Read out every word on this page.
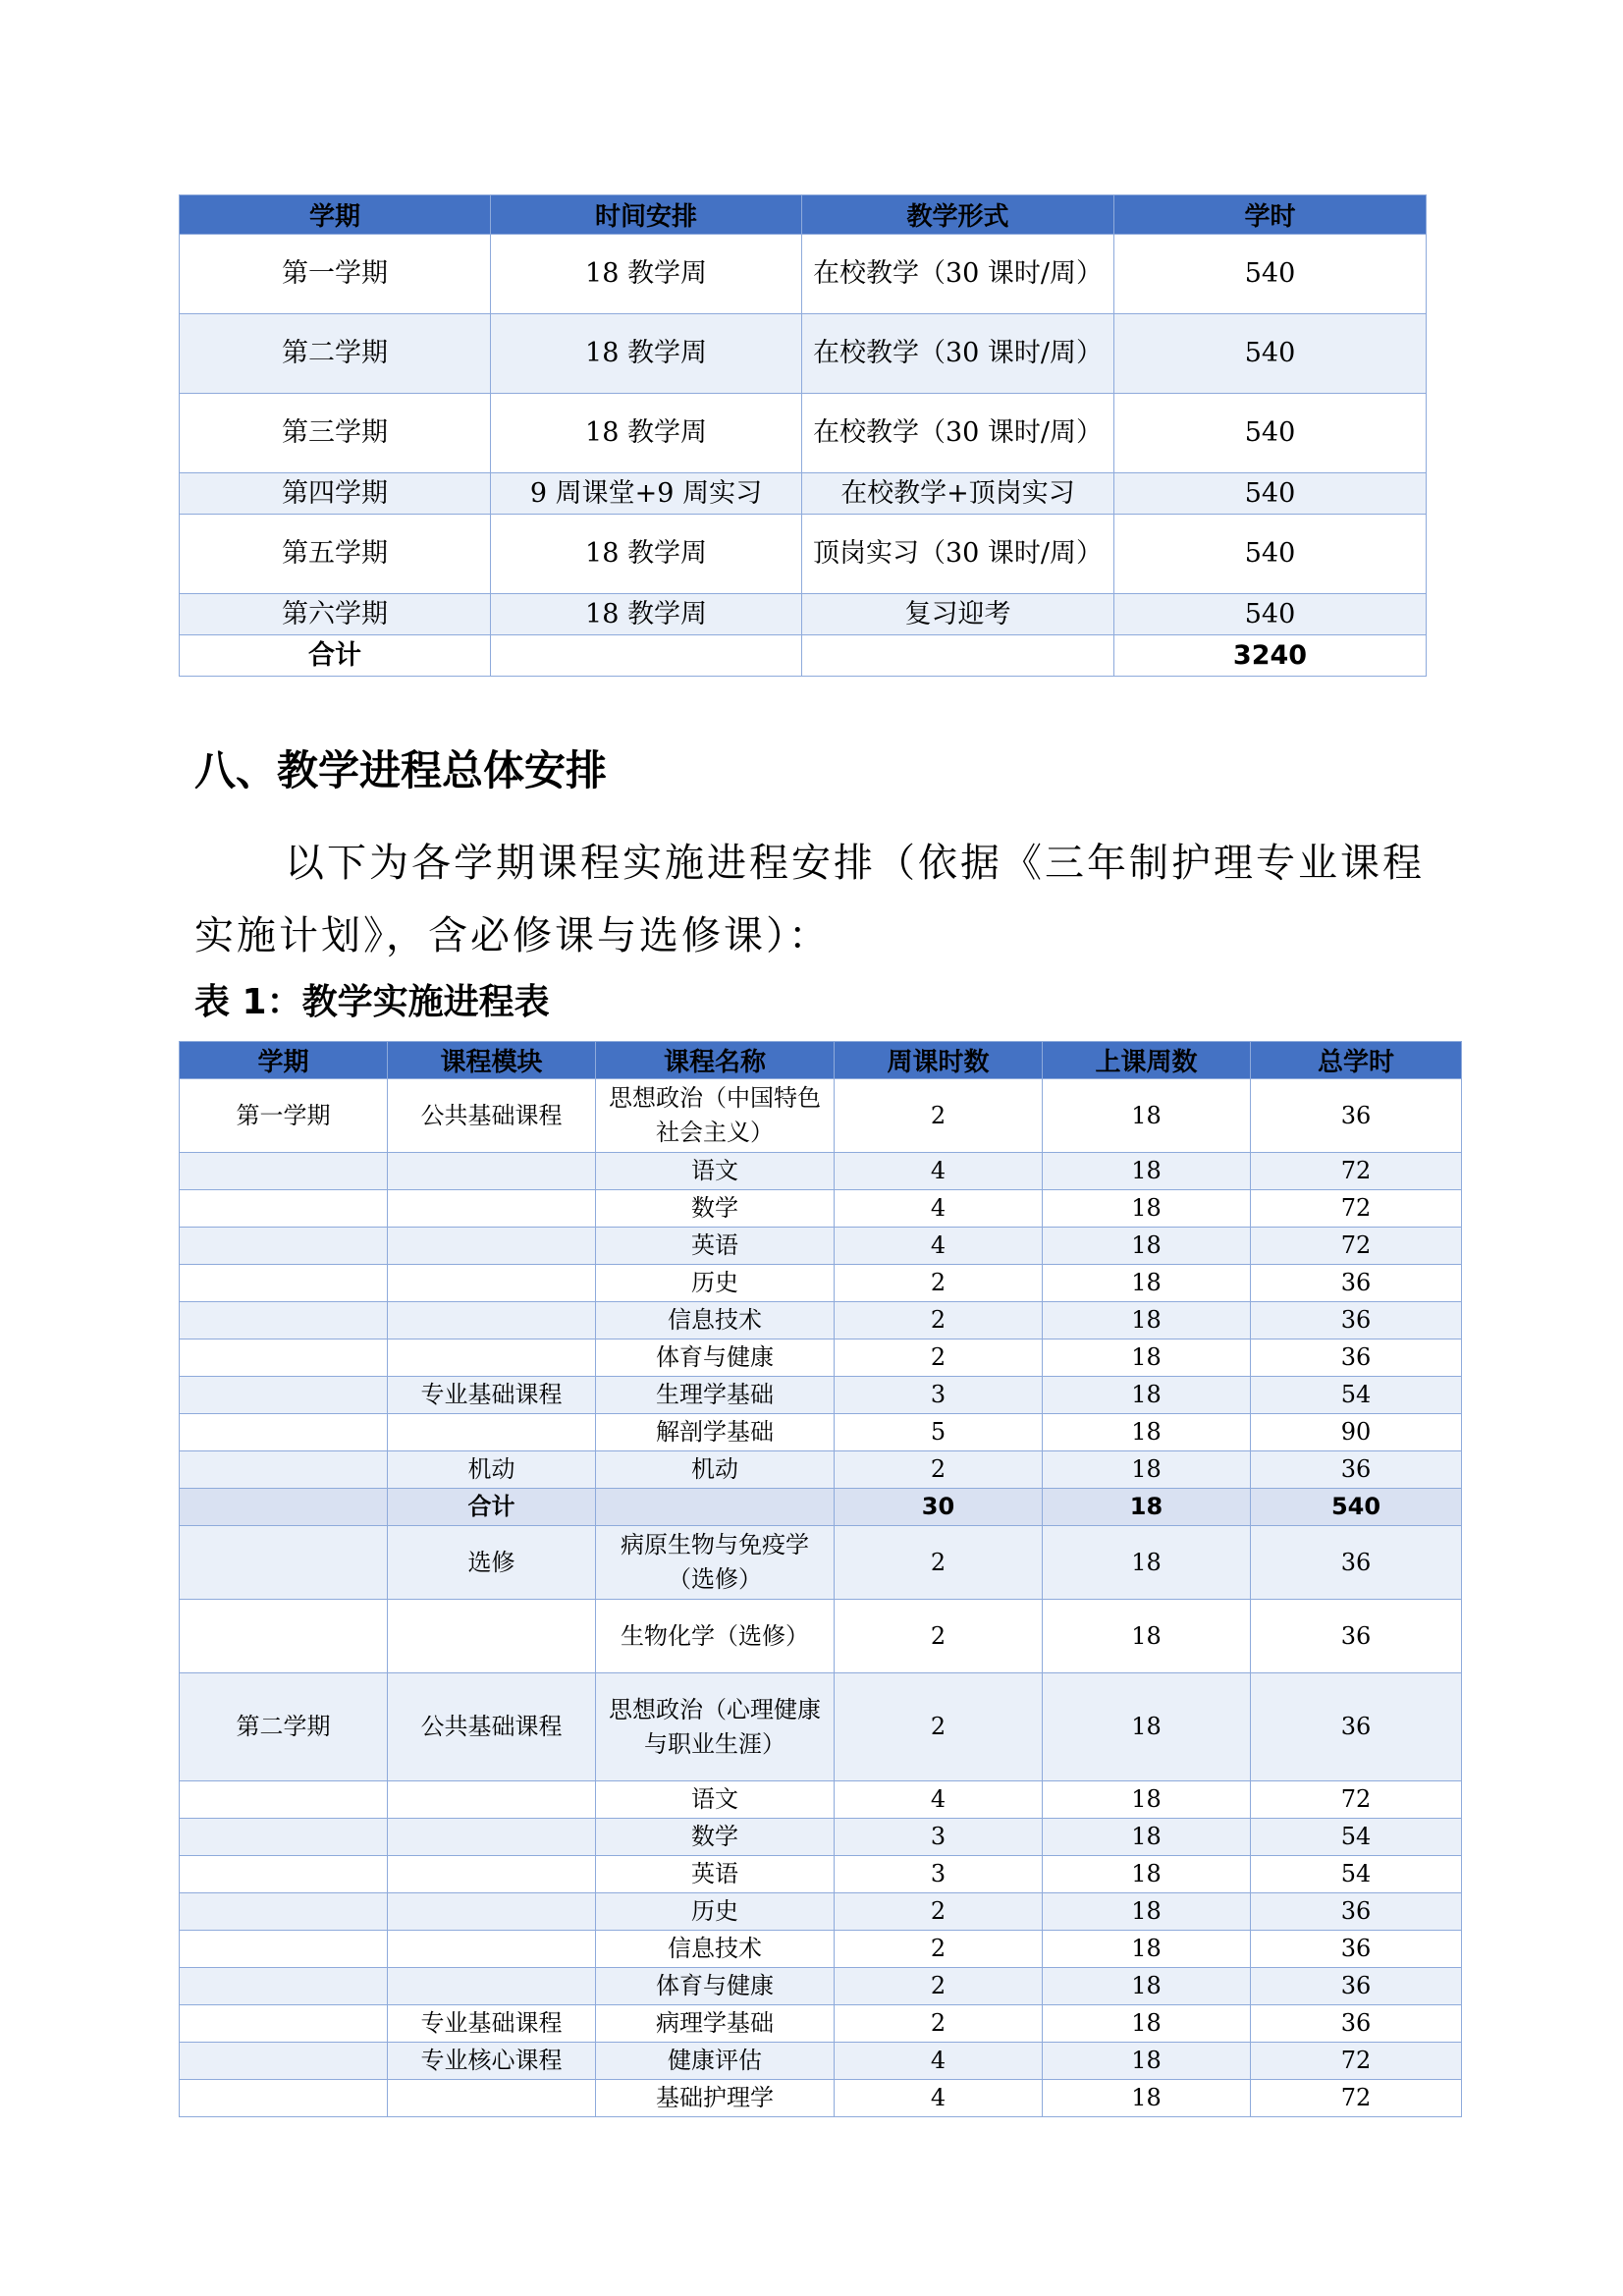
学期	时间安排	教学形式	学时
第一学期	18 教学周	在校教学（30 课时/周）	540
第二学期	18 教学周	在校教学（30 课时/周）	540
第三学期	18 教学周	在校教学（30 课时/周）	540
第四学期	9 周课堂+9 周实习	在校教学+顶岗实习	540
第五学期	18 教学周	顶岗实习（30 课时/周）	540
第六学期	18 教学周	复习迎考	540
合计			3240
八、教学进程总体安排

以下为各学期课程实施进程安排（依据《三年制护理专业课程实施计划》，含必修课与选修课）：

表 1：教学实施进程表

学期	课程模块	课程名称	周课时数	上课周数	总学时
第一学期	公共基础课程	思想政治（中国特色社会主义）	2	18	36
		语文	4	18	72
		数学	4	18	72
		英语	4	18	72
		历史	2	18	36
		信息技术	2	18	36
		体育与健康	2	18	36
	专业基础课程	生理学基础	3	18	54
		解剖学基础	5	18	90
	机动	机动	2	18	36
	合计		30	18	540
	选修	病原生物与免疫学（选修）	2	18	36
		生物化学（选修）	2	18	36
第二学期	公共基础课程	思想政治（心理健康与职业生涯）	2	18	36
		语文	4	18	72
		数学	3	18	54
		英语	3	18	54
		历史	2	18	36
		信息技术	2	18	36
		体育与健康	2	18	36
	专业基础课程	病理学基础	2	18	36
	专业核心课程	健康评估	4	18	72
		基础护理学	4	18	72
